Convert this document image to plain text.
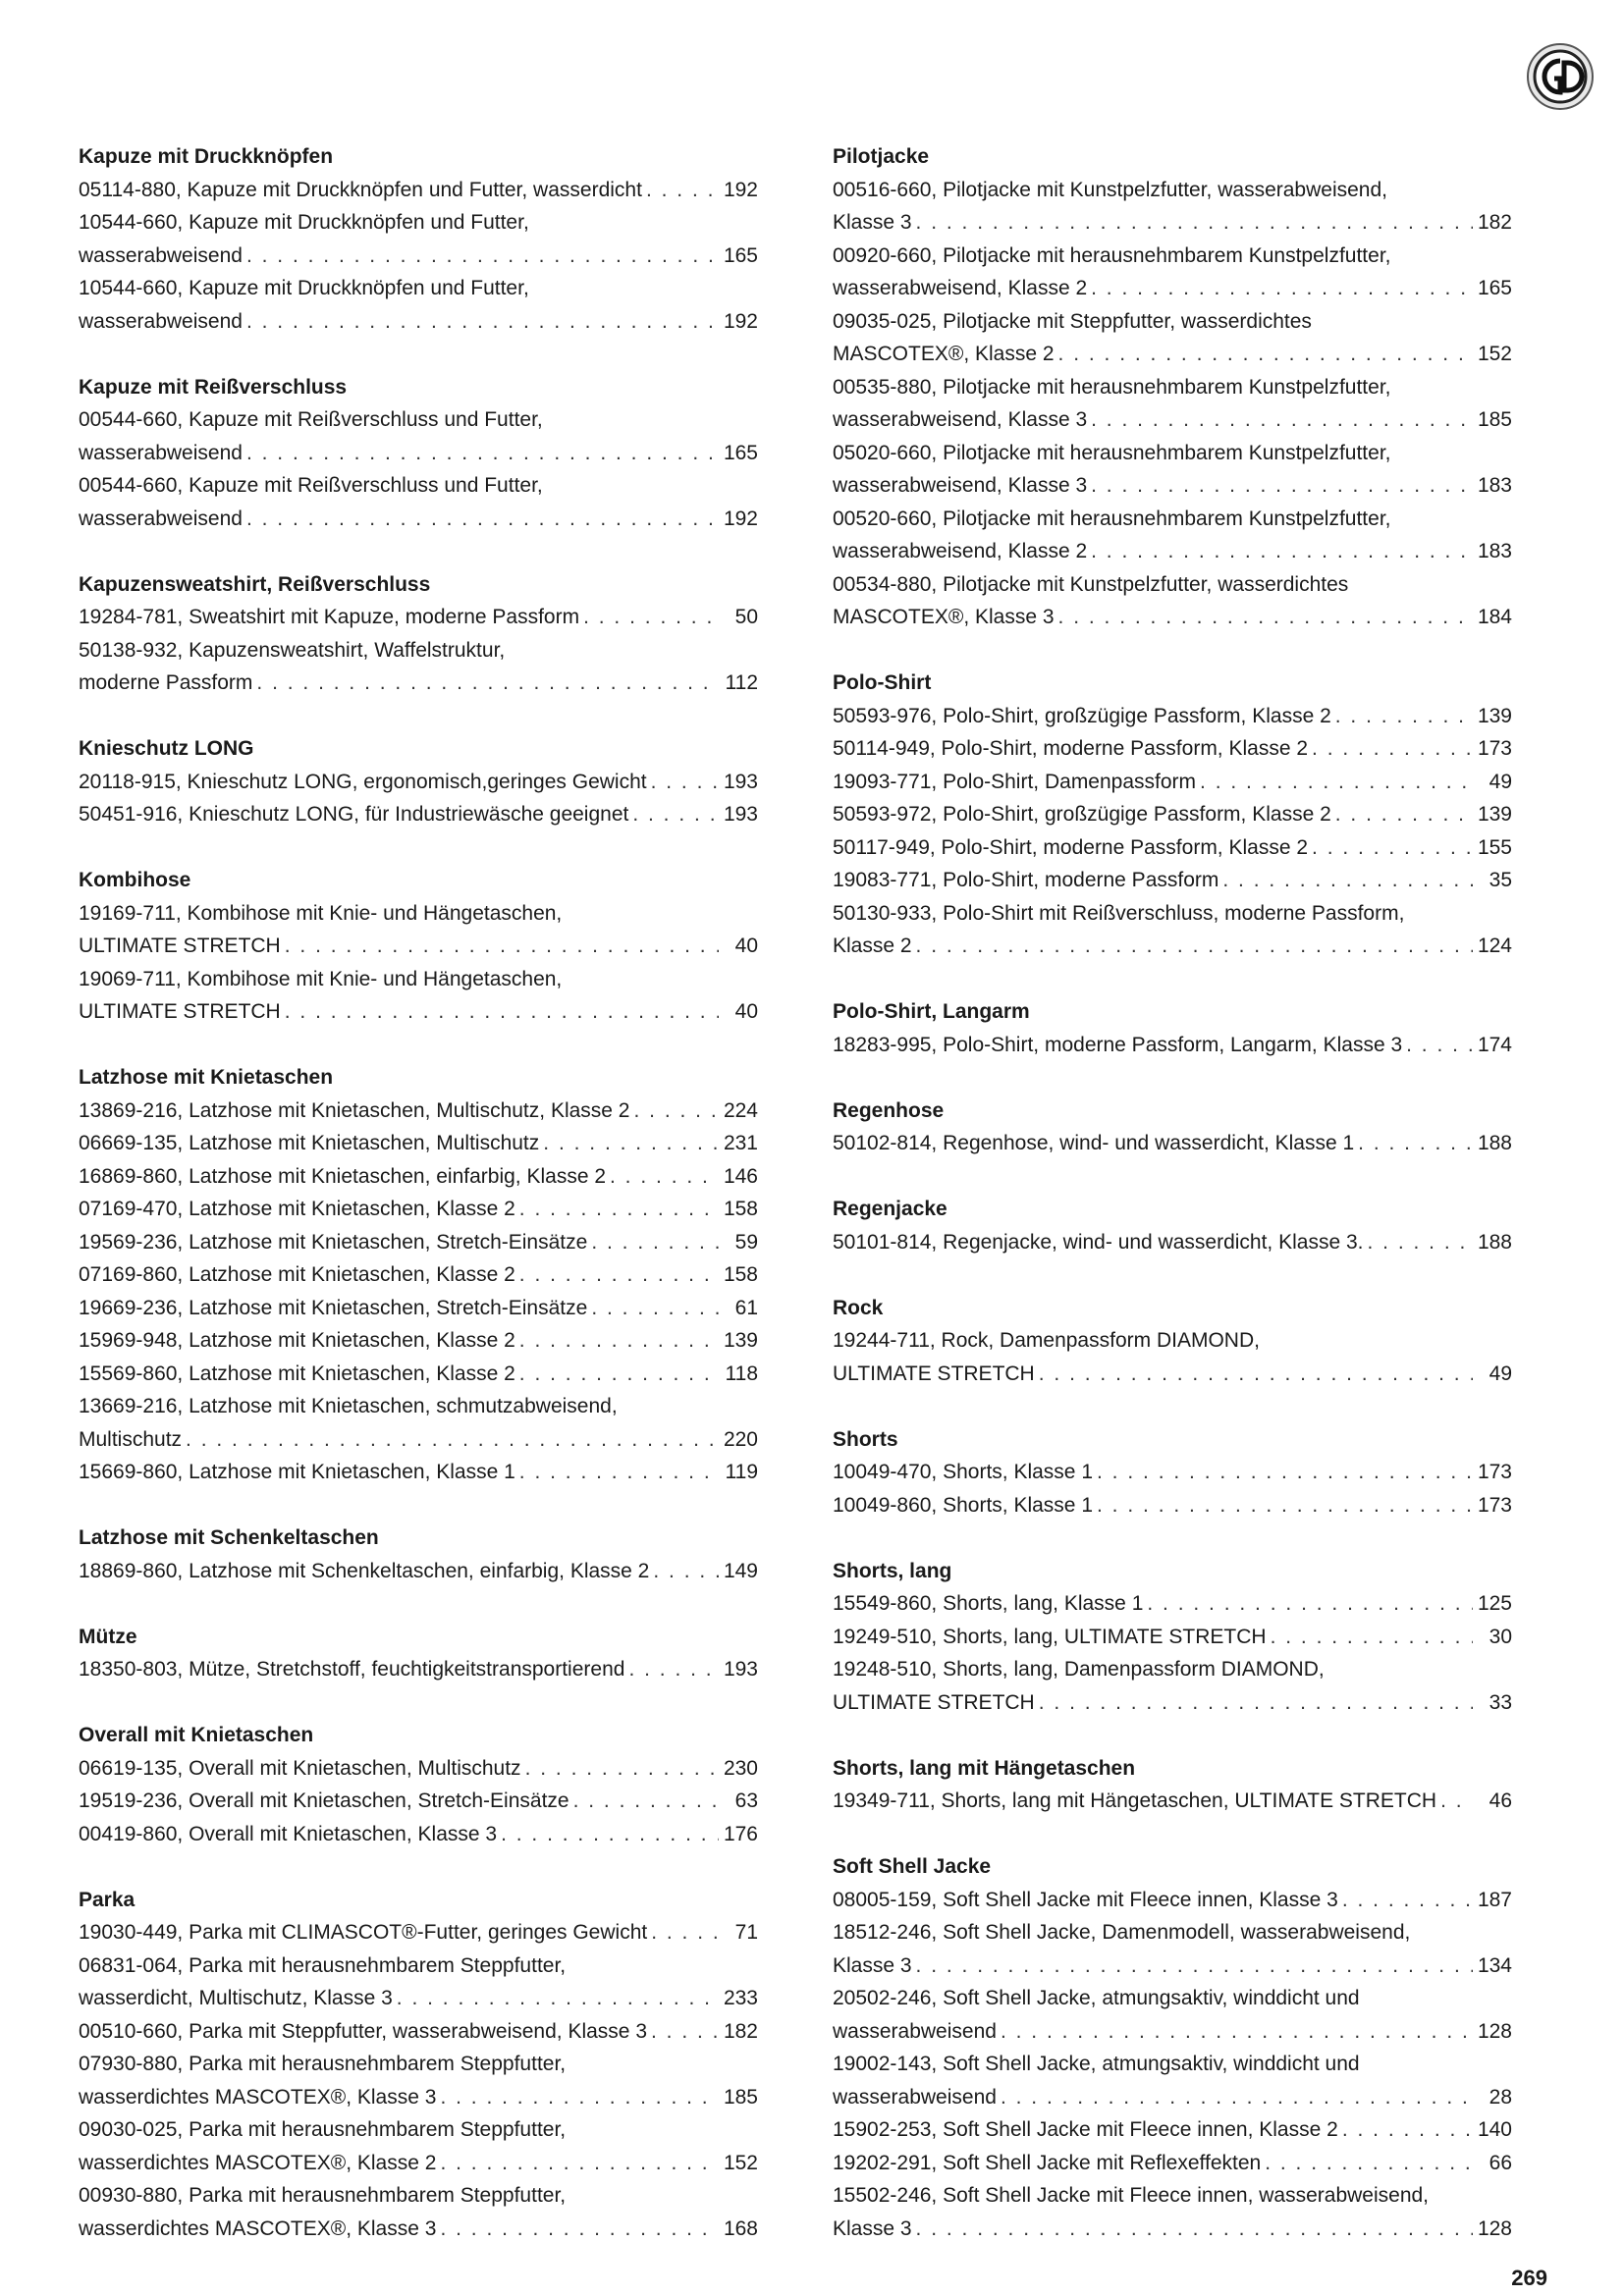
Kapuze mit Druckknöpfen
05114-880, Kapuze mit Druckknöpfen und Futter, wasserdicht . . .	192
10544-660, Kapuze mit Druckknöpfen und Futter,
wasserabweisend . . .	165
10544-660, Kapuze mit Druckknöpfen und Futter,
wasserabweisend . . .	192
Kapuze mit Reißverschluss
00544-660, Kapuze mit Reißverschluss und Futter,
wasserabweisend . . .	165
00544-660, Kapuze mit Reißverschluss und Futter,
wasserabweisend . . .	192
Kapuzensweatshirt, Reißverschluss
19284-781, Sweatshirt mit Kapuze, moderne Passform . . .	50
50138-932, Kapuzensweatshirt, Waffelstruktur,
moderne Passform . . .	112
Knieschutz LONG
20118-915, Knieschutz LONG, ergonomisch,geringes Gewicht . . .	193
50451-916, Knieschutz LONG, für Industriewäsche geeignet . . .	193
Kombihose
19169-711, Kombihose mit Knie- und Hängetaschen,
ULTIMATE STRETCH . . .	40
19069-711, Kombihose mit Knie- und Hängetaschen,
ULTIMATE STRETCH . . .	40
Latzhose mit Knietaschen
13869-216, Latzhose mit Knietaschen, Multischutz, Klasse 2 . . .	224
06669-135, Latzhose mit Knietaschen, Multischutz . . .	231
16869-860, Latzhose mit Knietaschen, einfarbig, Klasse 2 . . .	146
07169-470, Latzhose mit Knietaschen, Klasse 2 . . .	158
19569-236, Latzhose mit Knietaschen, Stretch-Einsätze . . .	59
07169-860, Latzhose mit Knietaschen, Klasse 2 . . .	158
19669-236, Latzhose mit Knietaschen, Stretch-Einsätze . . .	61
15969-948, Latzhose mit Knietaschen, Klasse 2 . . .	139
15569-860, Latzhose mit Knietaschen, Klasse 2 . . .	118
13669-216, Latzhose mit Knietaschen, schmutzabweisend,
Multischutz . . .	220
15669-860, Latzhose mit Knietaschen, Klasse 1 . . .	119
Latzhose mit Schenkeltaschen
18869-860, Latzhose mit Schenkeltaschen, einfarbig, Klasse 2 . . .	149
Mütze
18350-803, Mütze, Stretchstoff, feuchtigkeitstransportierend . . .	193
Overall mit Knietaschen
06619-135, Overall mit Knietaschen, Multischutz . . .	230
19519-236, Overall mit Knietaschen, Stretch-Einsätze . . .	63
00419-860, Overall mit Knietaschen, Klasse 3 . . .	176
Parka
19030-449, Parka mit CLIMASCOT®-Futter, geringes Gewicht . . .	71
06831-064, Parka mit herausnehmbarem Steppfutter,
wasserdicht, Multischutz, Klasse 3 . . .	233
00510-660, Parka mit Steppfutter, wasserabweisend, Klasse 3 . . .	182
07930-880, Parka mit herausnehmbarem Steppfutter,
wasserdichtes MASCOTEX®, Klasse 3 . . .	185
09030-025, Parka mit herausnehmbarem Steppfutter,
wasserdichtes MASCOTEX®, Klasse 2 . . .	152
00930-880, Parka mit herausnehmbarem Steppfutter,
wasserdichtes MASCOTEX®, Klasse 3 . . .	168
Pilotjacke
00516-660, Pilotjacke mit Kunstpelzfutter, wasserabweisend,
Klasse 3 . . .	182
00920-660, Pilotjacke mit herausnehmbarem Kunstpelzfutter,
wasserabweisend, Klasse 2 . . .	165
09035-025, Pilotjacke mit Steppfutter, wasserdichtes
MASCOTEX®, Klasse 2 . . .	152
00535-880, Pilotjacke mit herausnehmbarem Kunstpelzfutter,
wasserabweisend, Klasse 3 . . .	185
05020-660, Pilotjacke mit herausnehmbarem Kunstpelzfutter,
wasserabweisend, Klasse 3 . . .	183
00520-660, Pilotjacke mit herausnehmbarem Kunstpelzfutter,
wasserabweisend, Klasse 2 . . .	183
00534-880, Pilotjacke mit Kunstpelzfutter, wasserdichtes
MASCOTEX®, Klasse 3 . . .	184
Polo-Shirt
50593-976, Polo-Shirt, großzügige Passform, Klasse 2 . . .	139
50114-949, Polo-Shirt, moderne Passform, Klasse 2 . . .	173
19093-771, Polo-Shirt, Damenpassform . . .	49
50593-972, Polo-Shirt, großzügige Passform, Klasse 2 . . .	139
50117-949, Polo-Shirt, moderne Passform, Klasse 2 . . .	155
19083-771, Polo-Shirt, moderne Passform . . .	35
50130-933, Polo-Shirt mit Reißverschluss, moderne Passform,
Klasse 2 . . .	124
Polo-Shirt, Langarm
18283-995, Polo-Shirt, moderne Passform, Langarm, Klasse 3 . . .	174
Regenhose
50102-814, Regenhose, wind- und wasserdicht, Klasse 1 . . .	188
Regenjacke
50101-814, Regenjacke, wind- und wasserdicht, Klasse 3. . . .	188
Rock
19244-711, Rock, Damenpassform DIAMOND,
ULTIMATE STRETCH . . .	49
Shorts
10049-470, Shorts, Klasse 1 . . .	173
10049-860, Shorts, Klasse 1 . . .	173
Shorts, lang
15549-860, Shorts, lang, Klasse 1 . . .	125
19249-510, Shorts, lang, ULTIMATE STRETCH . . .	30
19248-510, Shorts, lang, Damenpassform DIAMOND,
ULTIMATE STRETCH . . .	33
Shorts, lang mit Hängetaschen
19349-711, Shorts, lang mit Hängetaschen, ULTIMATE STRETCH . . .	46
Soft Shell Jacke
08005-159, Soft Shell Jacke mit Fleece innen, Klasse 3 . . .	187
18512-246, Soft Shell Jacke, Damenmodell, wasserabweisend,
Klasse 3 . . .	134
20502-246, Soft Shell Jacke, atmungsaktiv, winddicht und
wasserabweisend . . .	128
19002-143, Soft Shell Jacke, atmungsaktiv, winddicht und
wasserabweisend . . .	28
15902-253, Soft Shell Jacke mit Fleece innen, Klasse 2 . . .	140
19202-291, Soft Shell Jacke mit Reflexeffekten . . .	66
15502-246, Soft Shell Jacke mit Fleece innen, wasserabweisend,
Klasse 3 . . .	128
269
